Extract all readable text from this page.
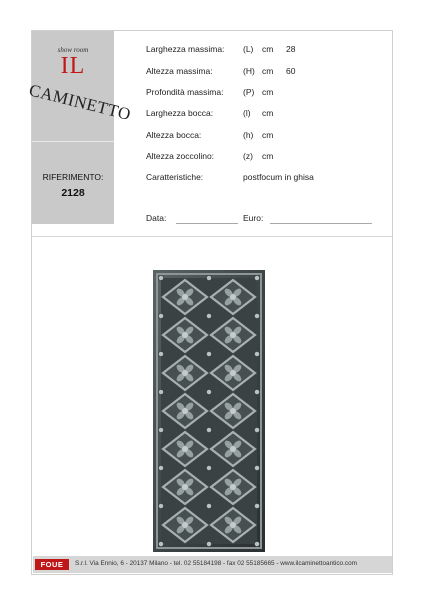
show room
IL
CAMINETTO
RIFERIMENTO:
2128
Larghezza massima: (L) cm 28
Altezza massima:	(H) cm 60
Profondità massima: (P) cm
Larghezza bocca:	(l) cm
Altezza bocca:	(h) cm
Altezza zoccolino:	(z) cm
Caratteristiche:	postfocum in ghisa
Data:	Euro:
FOUE	S.r.l. Via Ennio, 6 - 20137 Milano - tel. 02 55184198 - fax 02 55185665 - www.ilcaminettoantico.com
